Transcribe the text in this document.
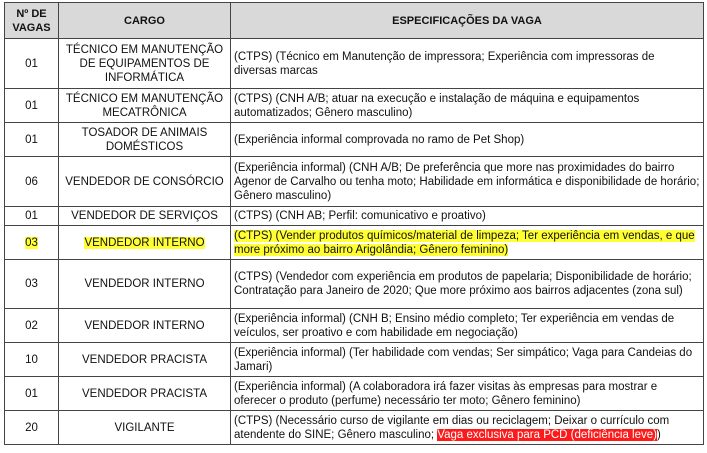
Nº DE VAGAS	CARGO	ESPECIFICAÇÕES DA VAGA
01	TÉCNICO EM MANUTENÇÃO DE EQUIPAMENTOS DE INFORMÁTICA	(CTPS) (Técnico em Manutenção de impressora; Experiência com impressoras de diversas marcas
01	TÉCNICO EM MANUTENÇÃO MECATRÔNICA	(CTPS) (CNH A/B; atuar na execução e instalação de máquina e equipamentos automatizados; Gênero masculino)
01	TOSADOR DE ANIMAIS DOMÉSTICOS	(Experiência informal comprovada no ramo de Pet Shop)
06	VENDEDOR DE CONSÓRCIO	(Experiência informal) (CNH A/B; De preferência que more nas proximidades do bairro Agenor de Carvalho ou tenha moto; Habilidade em informática e disponibilidade de horário; Gênero masculino)
01	VENDEDOR DE SERVIÇOS	(CTPS) (CNH AB; Perfil: comunicativo e proativo)
03	VENDEDOR INTERNO	(CTPS) (Vender produtos químicos/material de limpeza; Ter experiência em vendas, e que more próximo ao bairro Arigolândia; Gênero feminino)
03	VENDEDOR INTERNO	(CTPS) (Vendedor com experiência em produtos de papelaria; Disponibilidade de horário; Contratação para Janeiro de 2020; Que more próximo aos bairros adjacentes (zona sul)
02	VENDEDOR INTERNO	(Experiência informal) (CNH B; Ensino médio completo; Ter experiência em vendas de veículos, ser proativo e com habilidade em negociação)
10	VENDEDOR PRACISTA	(Experiência informal) (Ter habilidade com vendas; Ser simpático; Vaga para Candeias do Jamari)
01	VENDEDOR PRACISTA	(Experiência informal) (A colaboradora irá fazer visitas às empresas para mostrar e oferecer o produto (perfume) necessário ter moto; Gênero feminino)
20	VIGILANTE	(CTPS) (Necessário curso de vigilante em dias ou reciclagem; Deixar o currículo com atendente do SINE; Gênero masculino; Vaga exclusiva para PCD (deficiência leve))
